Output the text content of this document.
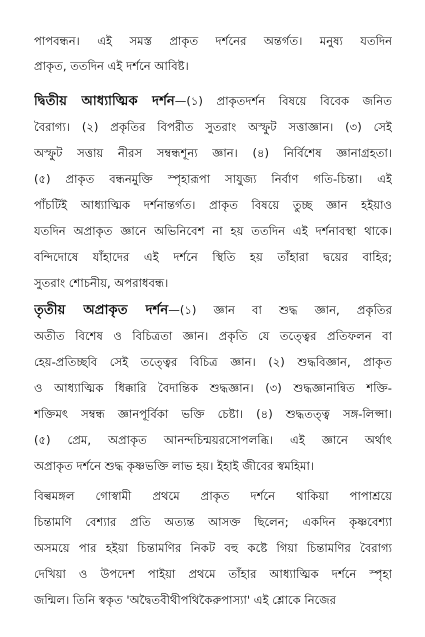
পাপবন্ধন। এই সমস্ত প্রাকৃত দর্শনের অন্তর্গত। মনুষ্য যতদিন
প্রাকৃত, ততদিন এই দর্শনে আবিষ্ট।
দ্বিতীয় আধ্যাত্মিক দর্শন—(১) প্রাকৃতদর্শন বিষয়ে বিবেক জনিত
বৈরাগ্য। (২) প্রকৃতির বিপরীত সুতরাং অস্ফুট সত্তাজ্ঞান। (৩) সেই
অস্ফুট সত্তায় নীরস সম্বন্ধশূন্য জ্ঞান। (৪) নির্বিশেষ জ্ঞানাগ্রহতা।
(৫) প্রাকৃত বন্ধনমুক্তি স্পৃহারূপা সাযুজ্য নির্বাণ গতি-চিন্তা। এই
পাঁচটিই আধ্যাত্মিক দর্শনান্তর্গত। প্রাকৃত বিষয়ে তুচ্ছ জ্ঞান হইয়াও
যতদিন অপ্রাকৃত জ্ঞানে অভিনিবেশ না হয় ততদিন এই দর্শনাবস্থা থাকে।
বন্দিদোষে যাঁহাদের এই দর্শনে স্থিতি হয় তাঁহারা দ্বয়ের বাহির;
সুতরাং শোচনীয়, অপরাধবন্ধ।
তৃতীয় অপ্রাকৃত দর্শন—(১) জ্ঞান বা শুদ্ধ জ্ঞান, প্রকৃতির
অতীত বিশেষ ও বিচিত্রতা জ্ঞান। প্রকৃতি যে তত্ত্বের প্রতিফলন বা
হেয়-প্রতিচ্ছবি সেই তত্ত্বের বিচিত্র জ্ঞান। (২) শুদ্ধবিজ্ঞান, প্রাকৃত
ও আধ্যাত্মিক ধিক্কারি বৈদান্তিক শুদ্ধজ্ঞান। (৩) শুদ্ধজ্ঞানান্বিত শক্তি-
শক্তিমৎ সম্বন্ধ জ্ঞানপূর্বিকা ভক্তি চেষ্টা। (৪) শুদ্ধতত্ত্ব সঙ্গ-লিপ্সা।
(৫) প্রেম, অপ্রাকৃত আনন্দচিন্ময়রসোপলব্ধি। এই জ্ঞানে অর্থাৎ
অপ্রাকৃত দর্শনে শুদ্ধ কৃষ্ণভক্তি লাভ হয়। ইহাই জীবের স্বমহিমা।
বিল্বমঙ্গল গোস্বামী প্রথমে প্রাকৃত দর্শনে থাকিয়া পাপাশ্রয়ে
চিন্তামণি বেশ্যার প্রতি অত্যন্ত আসক্ত ছিলেন; একদিন কৃষ্ণবেশ্যা
অসময়ে পার হইয়া চিন্তামণির নিকট বহু কষ্টে গিয়া চিন্তামণির বৈরাগ্য
দেখিয়া ও উপদেশ পাইয়া প্রথমে তাঁহার আধ্যাত্মিক দর্শনে স্পৃহা
জন্মিল। তিনি স্বকৃত 'অদ্বৈতবীথীপথিকৈরুপাস্যা' এই শ্লোকে নিজের
